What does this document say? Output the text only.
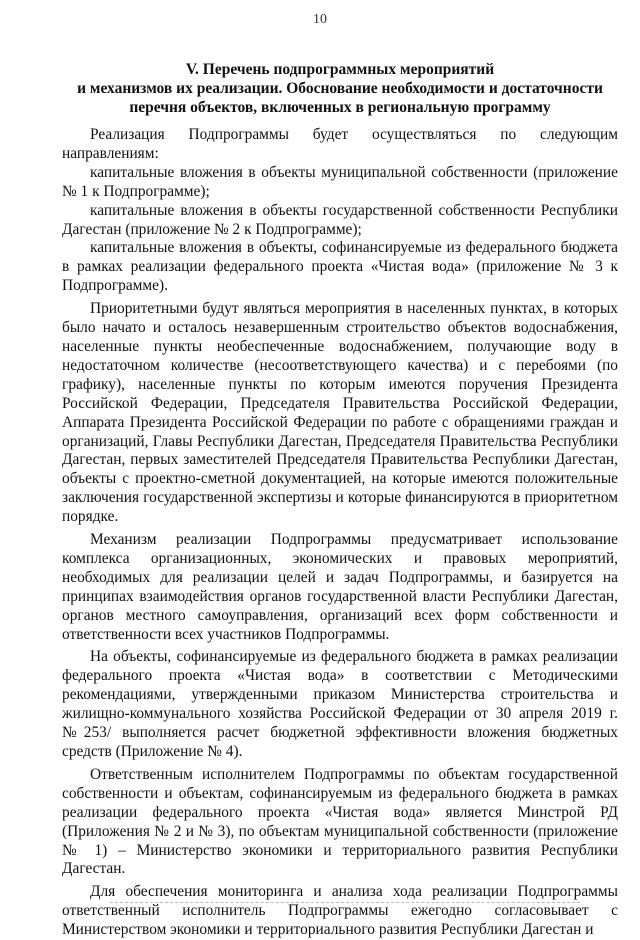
10
V. Перечень подпрограммных мероприятий
и механизмов их реализации. Обоснование необходимости и достаточности
перечня объектов, включенных в региональную программу

Реализация Подпрограммы будет осуществляться по следующим направлениям:

капитальные вложения в объекты муниципальной собственности (приложение № 1 к Подпрограмме);

капитальные вложения в объекты государственной собственности Республики Дагестан (приложение № 2 к Подпрограмме);

капитальные вложения в объекты, софинансируемые из федерального бюджета в рамках реализации федерального проекта «Чистая вода» (приложение № 3 к Подпрограмме).

Приоритетными будут являться мероприятия в населенных пунктах, в которых было начато и осталось незавершенным строительство объектов водоснабжения, населенные пункты необеспеченные водоснабжением, получающие воду в недостаточном количестве (несоответствующего качества) и с перебоями (по графику), населенные пункты по которым имеются поручения Президента Российской Федерации, Председателя Правительства Российской Федерации, Аппарата Президента Российской Федерации по работе с обращениями граждан и организаций, Главы Республики Дагестан, Председателя Правительства Республики Дагестан, первых заместителей Председателя Правительства Республики Дагестан, объекты с проектно-сметной документацией, на которые имеются положительные заключения государственной экспертизы и которые финансируются в приоритетном порядке.

Механизм реализации Подпрограммы предусматривает использование комплекса организационных, экономических и правовых мероприятий, необходимых для реализации целей и задач Подпрограммы, и базируется на принципах взаимодействия органов государственной власти Республики Дагестан, органов местного самоуправления, организаций всех форм собственности и ответственности всех участников Подпрограммы.

На объекты, софинансируемые из федерального бюджета в рамках реализации федерального проекта «Чистая вода» в соответствии с Методическими рекомендациями, утвержденными приказом Министерства строительства и жилищно-коммунального хозяйства Российской Федерации от 30 апреля 2019 г. №253/ выполняется расчет бюджетной эффективности вложения бюджетных средств (Приложение № 4).

Ответственным исполнителем Подпрограммы по объектам государственной собственности и объектам, софинансируемым из федерального бюджета в рамках реализации федерального проекта «Чистая вода» является Минстрой РД (Приложения № 2 и № 3), по объектам муниципальной собственности (приложение № 1) – Министерство экономики и территориального развития Республики Дагестан.

Для обеспечения мониторинга и анализа хода реализации Подпрограммы ответственный исполнитель Подпрограммы ежегодно согласовывает с Министерством экономики и территориального развития Республики Дагестан и
